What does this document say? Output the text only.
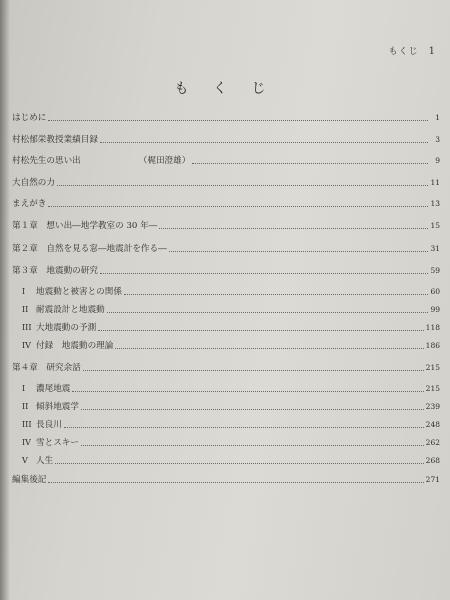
もくじ 1
も く じ
はじめに	1
村松郁栄教授業績目録	3
村松先生の思い出	（梶田澄雄）	9
大自然の力	11
まえがき	13
第１章　想い出―地学教室の 30 年―	15
第２章　自然を見る窓―地震計を作る―	31
第３章　地震動の研究	59
I	地震動と被害との関係	60
II 耐震設計と地震動	99
III 大地震動の予測	118
IV 付録　地震動の理論	186
第４章　研究余話	215
I	濃尾地震	215
II 傾斜地震学	239
III 長良川	248
IV 雪とスキー	262
V 人生	268
編集後記	271
